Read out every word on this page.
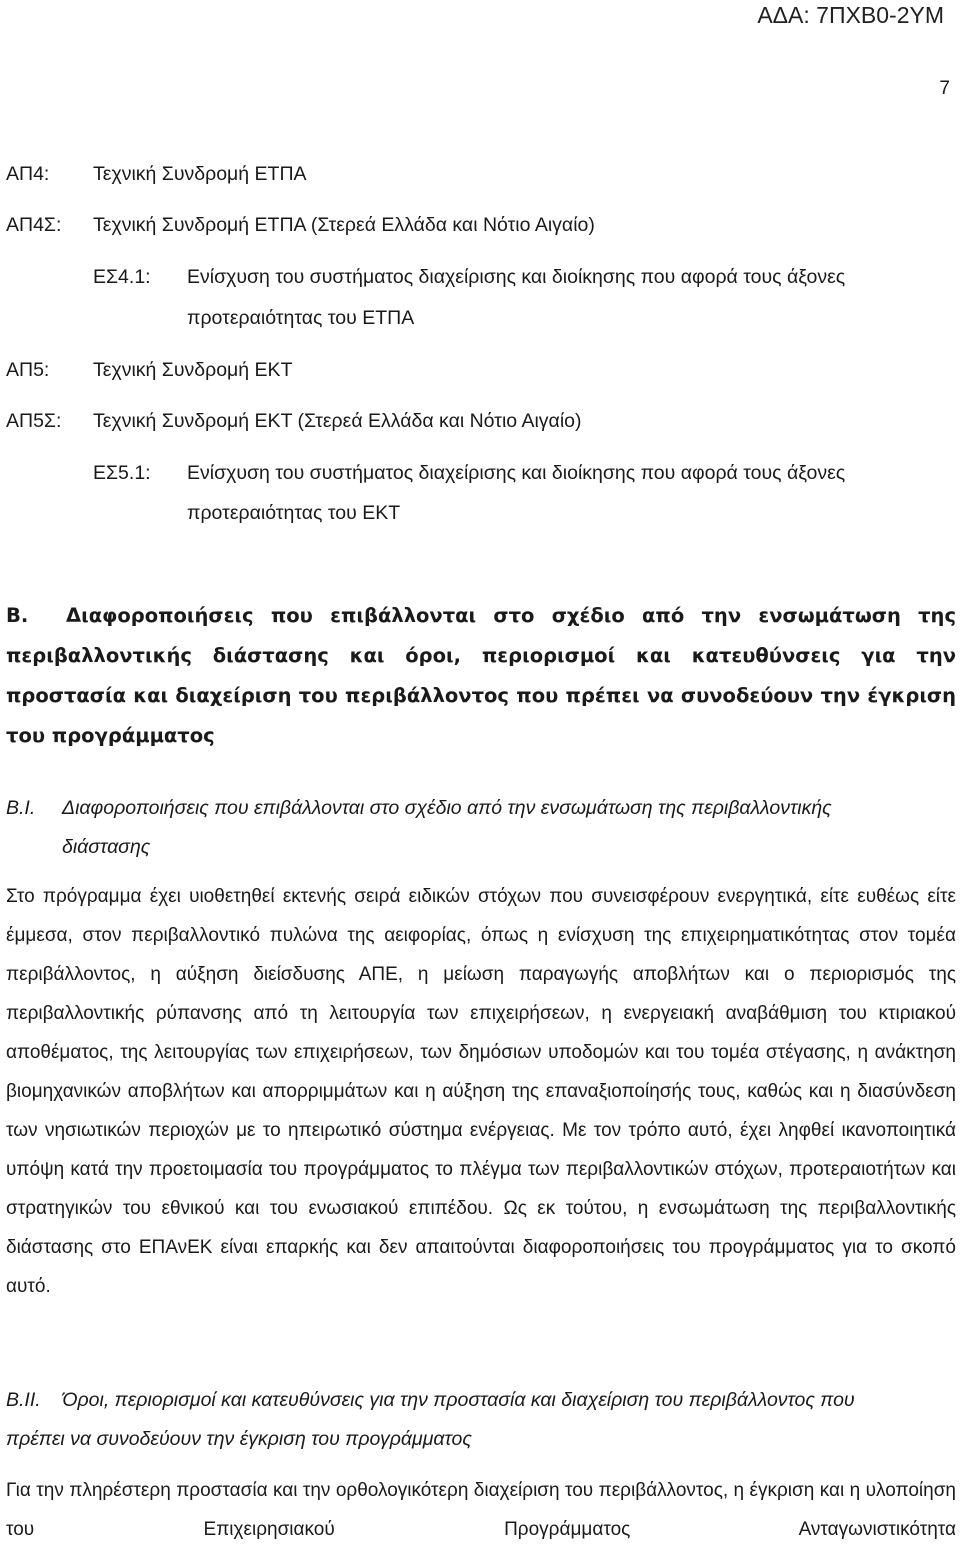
ΑΔΑ: 7ΠΧΒ0-2ΥΜ
7
ΑΠ4: Τεχνική Συνδρομή ΕΤΠΑ
ΑΠ4Σ: Τεχνική Συνδρομή ΕΤΠΑ (Στερεά Ελλάδα και Νότιο Αιγαίο)
ΕΣ4.1: Ενίσχυση του συστήματος διαχείρισης και διοίκησης που αφορά τους άξονες
προτεραιότητας του ΕΤΠΑ
ΑΠ5: Τεχνική Συνδρομή ΕΚΤ
ΑΠ5Σ: Τεχνική Συνδρομή ΕΚΤ (Στερεά Ελλάδα και Νότιο Αιγαίο)
ΕΣ5.1: Ενίσχυση του συστήματος διαχείρισης και διοίκησης που αφορά τους άξονες
προτεραιότητας του ΕΚΤ
Β. Διαφοροποιήσεις που επιβάλλονται στο σχέδιο από την ενσωμάτωση της περιβαλλοντικής διάστασης και όροι, περιορισμοί και κατευθύνσεις για την προστασία και διαχείριση του περιβάλλοντος που πρέπει να συνοδεύουν την έγκριση του προγράμματος
Β.Ι. Διαφοροποιήσεις που επιβάλλονται στο σχέδιο από την ενσωμάτωση της περιβαλλοντικής
διάστασης
Στο πρόγραμμα έχει υιοθετηθεί εκτενής σειρά ειδικών στόχων που συνεισφέρουν ενεργητικά, είτε ευθέως είτε έμμεσα, στον περιβαλλοντικό πυλώνα της αειφορίας, όπως η ενίσχυση της επιχειρηματικότητας στον τομέα περιβάλλοντος, η αύξηση διείσδυσης ΑΠΕ, η μείωση παραγωγής αποβλήτων και ο περιορισμός της περιβαλλοντικής ρύπανσης από τη λειτουργία των επιχειρήσεων, η ενεργειακή αναβάθμιση του κτιριακού αποθέματος, της λειτουργίας των επιχειρήσεων, των δημόσιων υποδομών και του τομέα στέγασης, η ανάκτηση βιομηχανικών αποβλήτων και απορριμμάτων και η αύξηση της επαναξιοποίησής τους, καθώς και η διασύνδεση των νησιωτικών περιοχών με το ηπειρωτικό σύστημα ενέργειας. Με τον τρόπο αυτό, έχει ληφθεί ικανοποιητικά υπόψη κατά την προετοιμασία του προγράμματος το πλέγμα των περιβαλλοντικών στόχων, προτεραιοτήτων και στρατηγικών του εθνικού και του ενωσιακού επιπέδου. Ως εκ τούτου, η ενσωμάτωση της περιβαλλοντικής διάστασης στο ΕΠΑνΕΚ είναι επαρκής και δεν απαιτούνται διαφοροποιήσεις του προγράμματος για το σκοπό αυτό.
Β.ΙΙ. Όροι, περιορισμοί και κατευθύνσεις για την προστασία και διαχείριση του περιβάλλοντος που
πρέπει να συνοδεύουν την έγκριση του προγράμματος
Για την πληρέστερη προστασία και την ορθολογικότερη διαχείριση του περιβάλλοντος, η έγκριση και η υλοποίηση του Επιχειρησιακού Προγράμματος Ανταγωνιστικότητα
